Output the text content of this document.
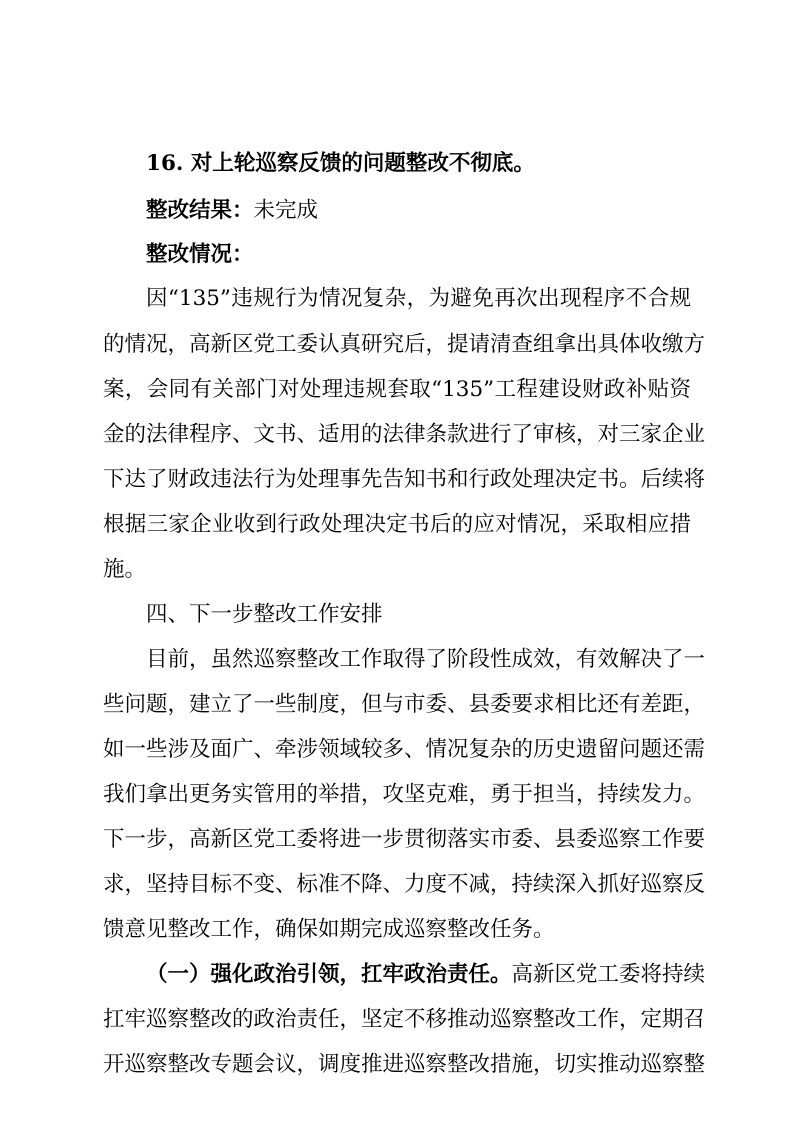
16. 对上轮巡察反馈的问题整改不彻底。
整改结果：未完成
整改情况：
因“135”违规行为情况复杂，为避免再次出现程序不合规
的情况，高新区党工委认真研究后，提请清查组拿出具体收缴方
案，会同有关部门对处理违规套取“135”工程建设财政补贴资
金的法律程序、文书、适用的法律条款进行了审核，对三家企业
下达了财政违法行为处理事先告知书和行政处理决定书。后续将
根据三家企业收到行政处理决定书后的应对情况，采取相应措
施。
四、下一步整改工作安排
目前，虽然巡察整改工作取得了阶段性成效，有效解决了一
些问题，建立了一些制度，但与市委、县委要求相比还有差距，
如一些涉及面广、牵涉领域较多、情况复杂的历史遗留问题还需
我们拿出更务实管用的举措，攻坚克难，勇于担当，持续发力。
下一步，高新区党工委将进一步贯彻落实市委、县委巡察工作要
求，坚持目标不变、标准不降、力度不减，持续深入抓好巡察反
馈意见整改工作，确保如期完成巡察整改任务。
（一）强化政治引领，扛牢政治责任。高新区党工委将持续
扛牢巡察整改的政治责任，坚定不移推动巡察整改工作，定期召
开巡察整改专题会议，调度推进巡察整改措施，切实推动巡察整
